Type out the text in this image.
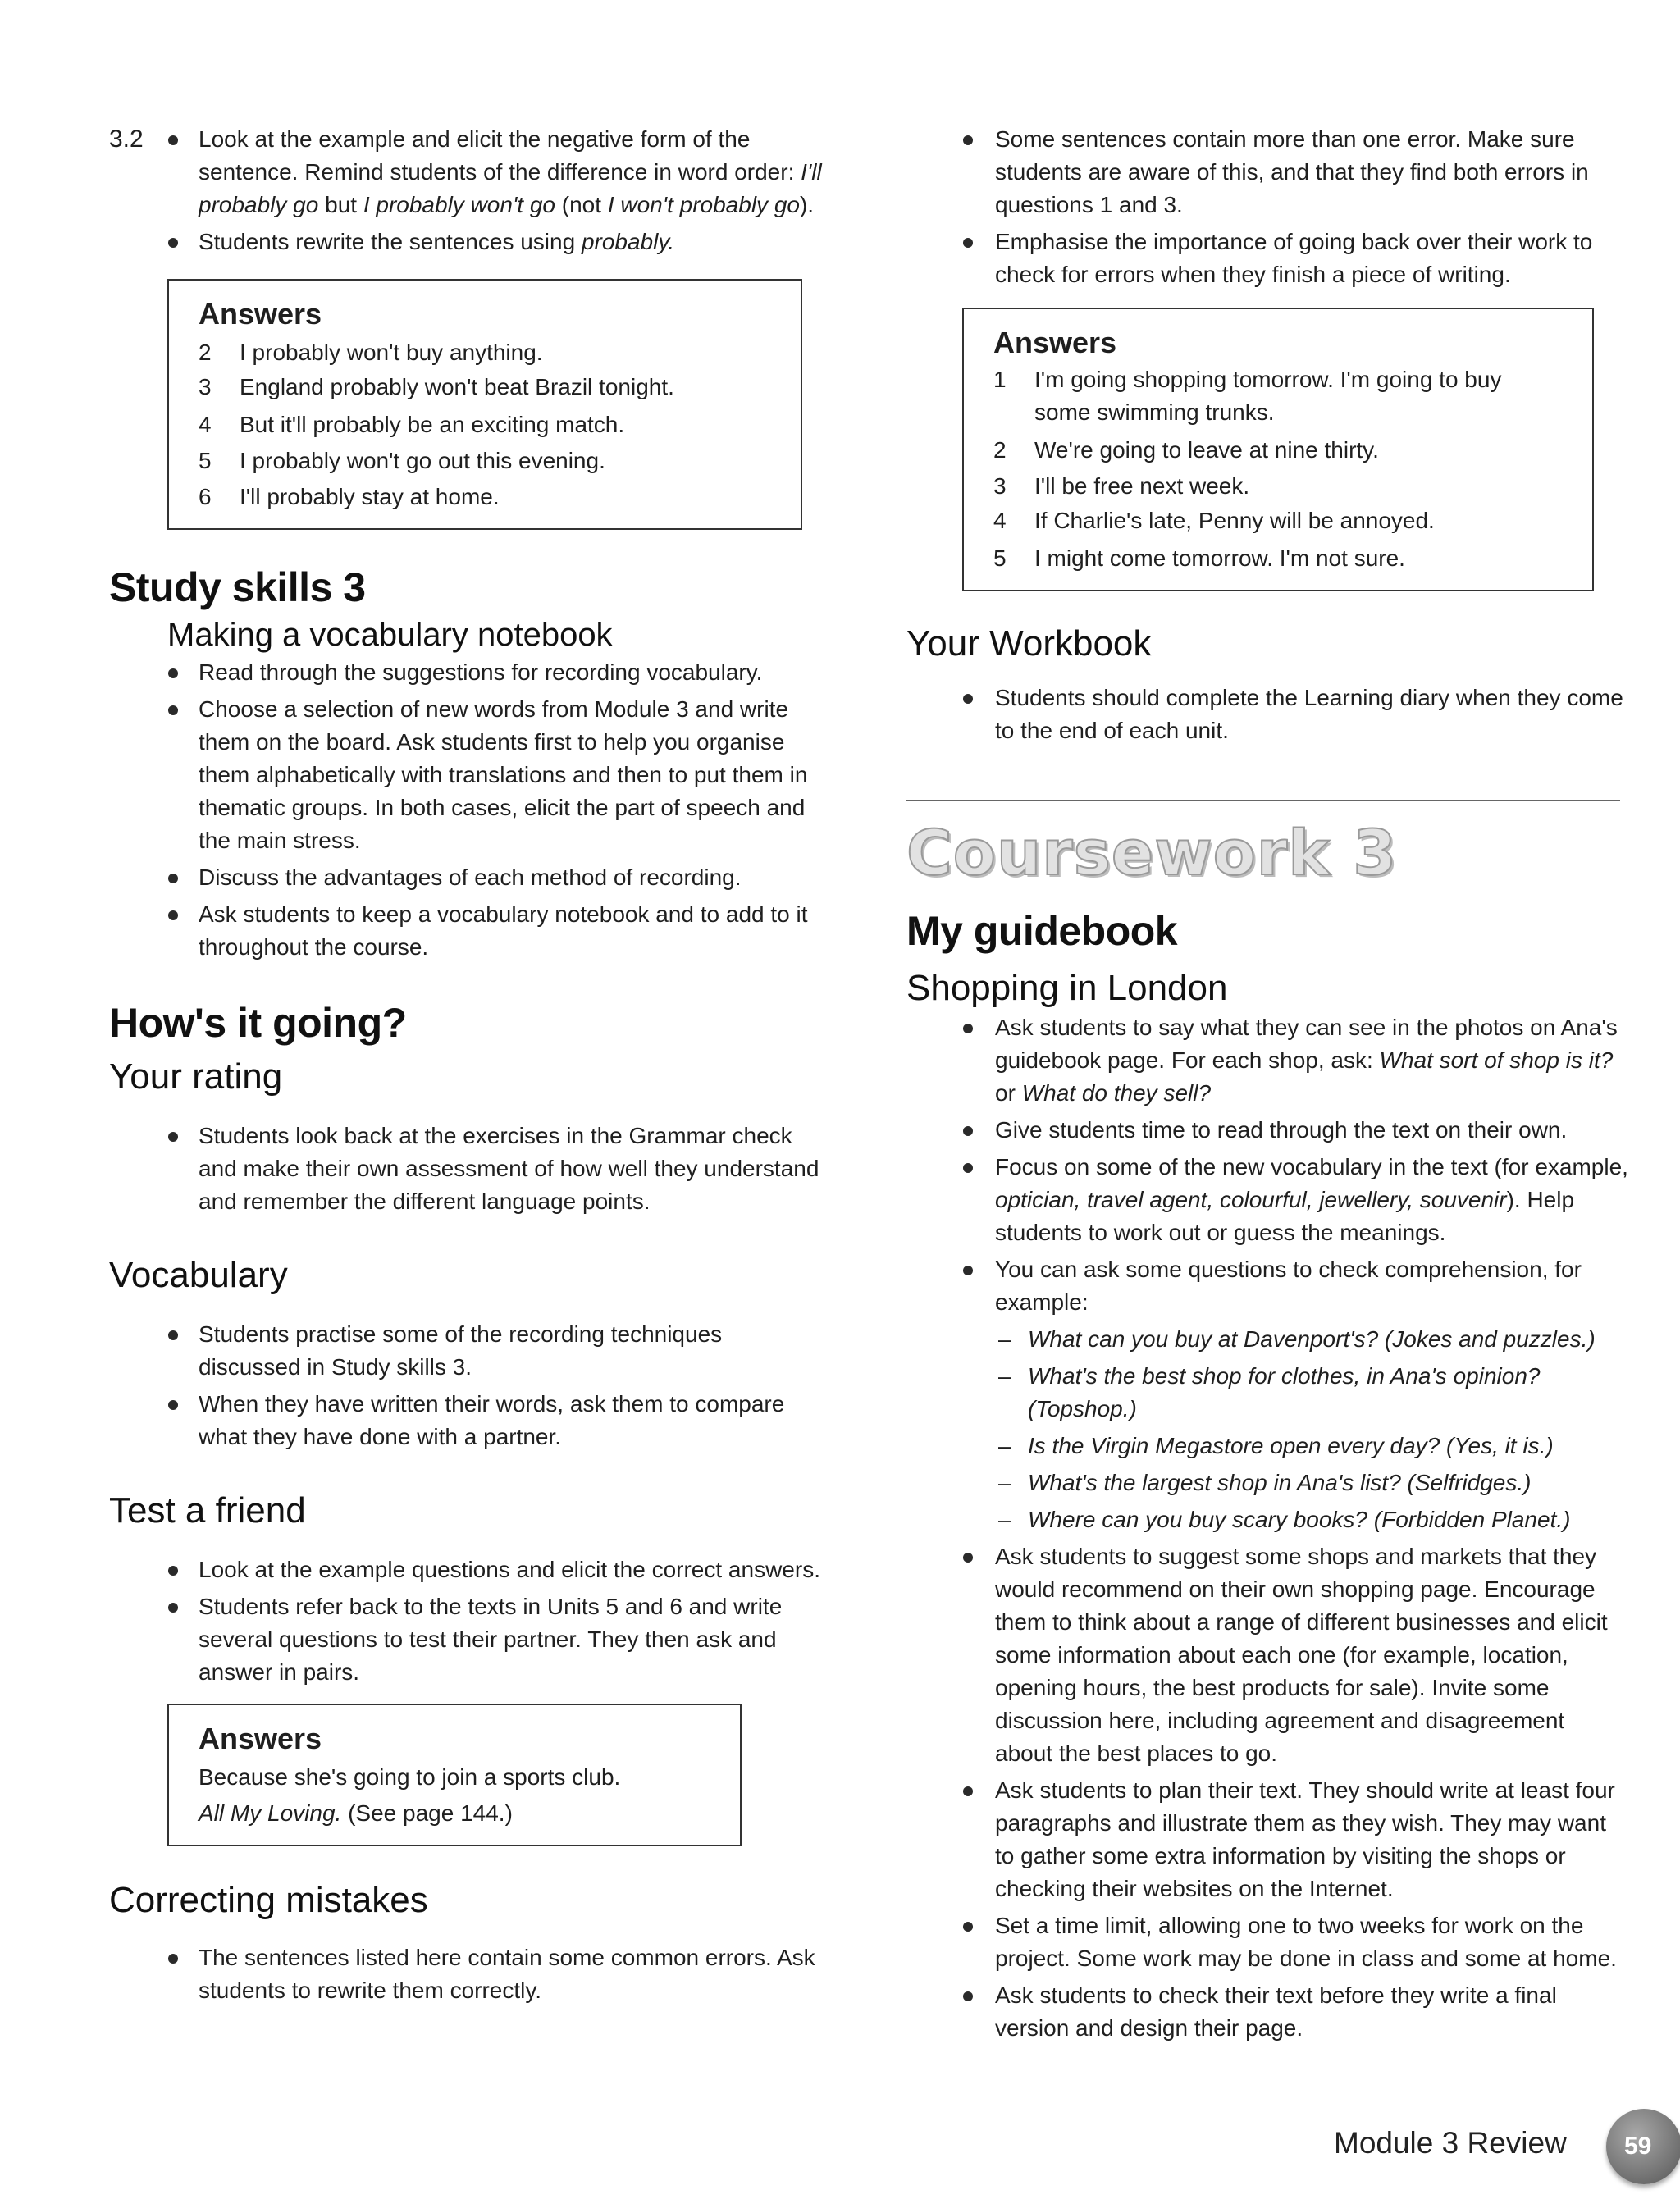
3.2	Look at the example and elicit the negative form of the sentence. Remind students of the difference in word order: I'll probably go but I probably won't go (not I won't probably go).
Students rewrite the sentences using probably.
Answers
2 I probably won't buy anything.
3 England probably won't beat Brazil tonight.
4 But it'll probably be an exciting match.
5 I probably won't go out this evening.
6 I'll probably stay at home.
Study skills 3
Making a vocabulary notebook
Read through the suggestions for recording vocabulary.
Choose a selection of new words from Module 3 and write them on the board. Ask students first to help you organise them alphabetically with translations and then to put them in thematic groups. In both cases, elicit the part of speech and the main stress.
Discuss the advantages of each method of recording.
Ask students to keep a vocabulary notebook and to add to it throughout the course.
How's it going?
Your rating
Students look back at the exercises in the Grammar check and make their own assessment of how well they understand and remember the different language points.
Vocabulary
Students practise some of the recording techniques discussed in Study skills 3.
When they have written their words, ask them to compare what they have done with a partner.
Test a friend
Look at the example questions and elicit the correct answers.
Students refer back to the texts in Units 5 and 6 and write several questions to test their partner. They then ask and answer in pairs.
Answers
Because she's going to join a sports club.
All My Loving. (See page 144.)
Correcting mistakes
The sentences listed here contain some common errors. Ask students to rewrite them correctly.
Some sentences contain more than one error. Make sure students are aware of this, and that they find both errors in questions 1 and 3.
Emphasise the importance of going back over their work to check for errors when they finish a piece of writing.
Answers
1 I'm going shopping tomorrow. I'm going to buy some swimming trunks.
2 We're going to leave at nine thirty.
3 I'll be free next week.
4 If Charlie's late, Penny will be annoyed.
5 I might come tomorrow. I'm not sure.
Your Workbook
Students should complete the Learning diary when they come to the end of each unit.
Coursework 3
My guidebook
Shopping in London
Ask students to say what they can see in the photos on Ana's guidebook page. For each shop, ask: What sort of shop is it? or What do they sell?
Give students time to read through the text on their own.
Focus on some of the new vocabulary in the text (for example, optician, travel agent, colourful, jewellery, souvenir). Help students to work out or guess the meanings.
You can ask some questions to check comprehension, for example:
– What can you buy at Davenport's? (Jokes and puzzles.)
– What's the best shop for clothes, in Ana's opinion? (Topshop.)
– Is the Virgin Megastore open every day? (Yes, it is.)
– What's the largest shop in Ana's list? (Selfridges.)
– Where can you buy scary books? (Forbidden Planet.)
Ask students to suggest some shops and markets that they would recommend on their own shopping page. Encourage them to think about a range of different businesses and elicit some information about each one (for example, location, opening hours, the best products for sale). Invite some discussion here, including agreement and disagreement about the best places to go.
Ask students to plan their text. They should write at least four paragraphs and illustrate them as they wish. They may want to gather some extra information by visiting the shops or checking their websites on the Internet.
Set a time limit, allowing one to two weeks for work on the project. Some work may be done in class and some at home.
Ask students to check their text before they write a final version and design their page.
Module 3 Review	59
